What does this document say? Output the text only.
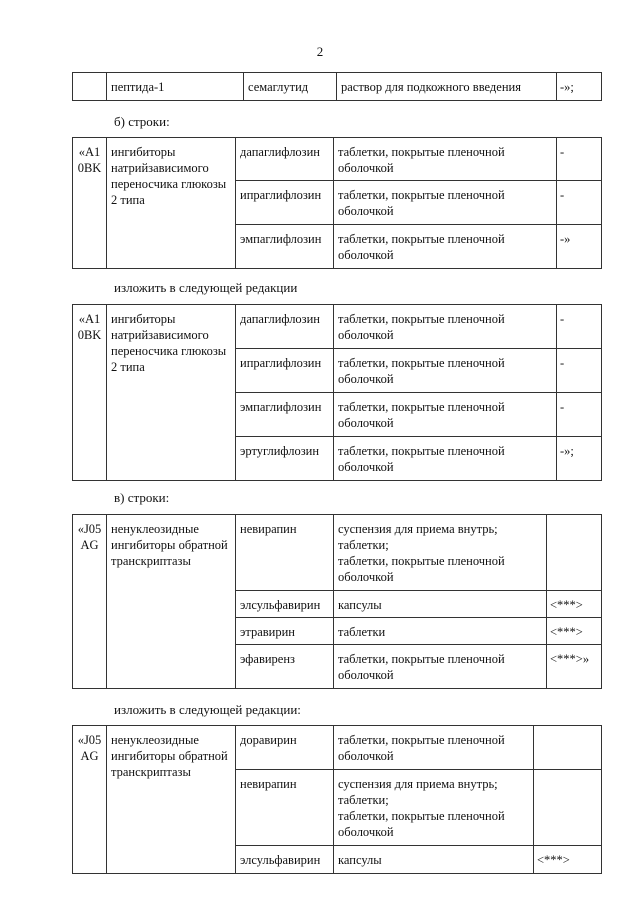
2
	пептида-1	семаглутид	раствор для подкожного введения	-»;
б) строки:
«A1
0BK	ингибиторы натрийзависимого переносчика глюкозы 2 типа	дапаглифлозин	таблетки, покрытые пленочной оболочкой	-
		ипраглифлозин	таблетки, покрытые пленочной оболочкой	-
		эмпаглифлозин	таблетки, покрытые пленочной оболочкой	-»
изложить в следующей редакции
«A1
0BK	ингибиторы натрийзависимого переносчика глюкозы 2 типа	дапаглифлозин	таблетки, покрытые пленочной оболочкой	-
		ипраглифлозин	таблетки, покрытые пленочной оболочкой	-
		эмпаглифлозин	таблетки, покрытые пленочной оболочкой	-
		эртуглифлозин	таблетки, покрытые пленочной оболочкой	-»;
в) строки:
«J05
AG	ненуклеозидные ингибиторы обратной транскриптазы	невирапин	суспензия для приема внутрь;
таблетки;
таблетки, покрытые пленочной оболочкой	

		элсульфавирин	капсулы	<***>
		этравирин	таблетки	<***>
		эфавиренз	таблетки, покрытые пленочной оболочкой	<***>»
изложить в следующей редакции:
«J05
AG	ненуклеозидные ингибиторы обратной транскриптазы	доравирин	таблетки, покрытые пленочной оболочкой	

		невирапин	суспензия для приема внутрь;
таблетки;
таблетки, покрытые пленочной оболочкой	

		элсульфавирин	капсулы	<***>
